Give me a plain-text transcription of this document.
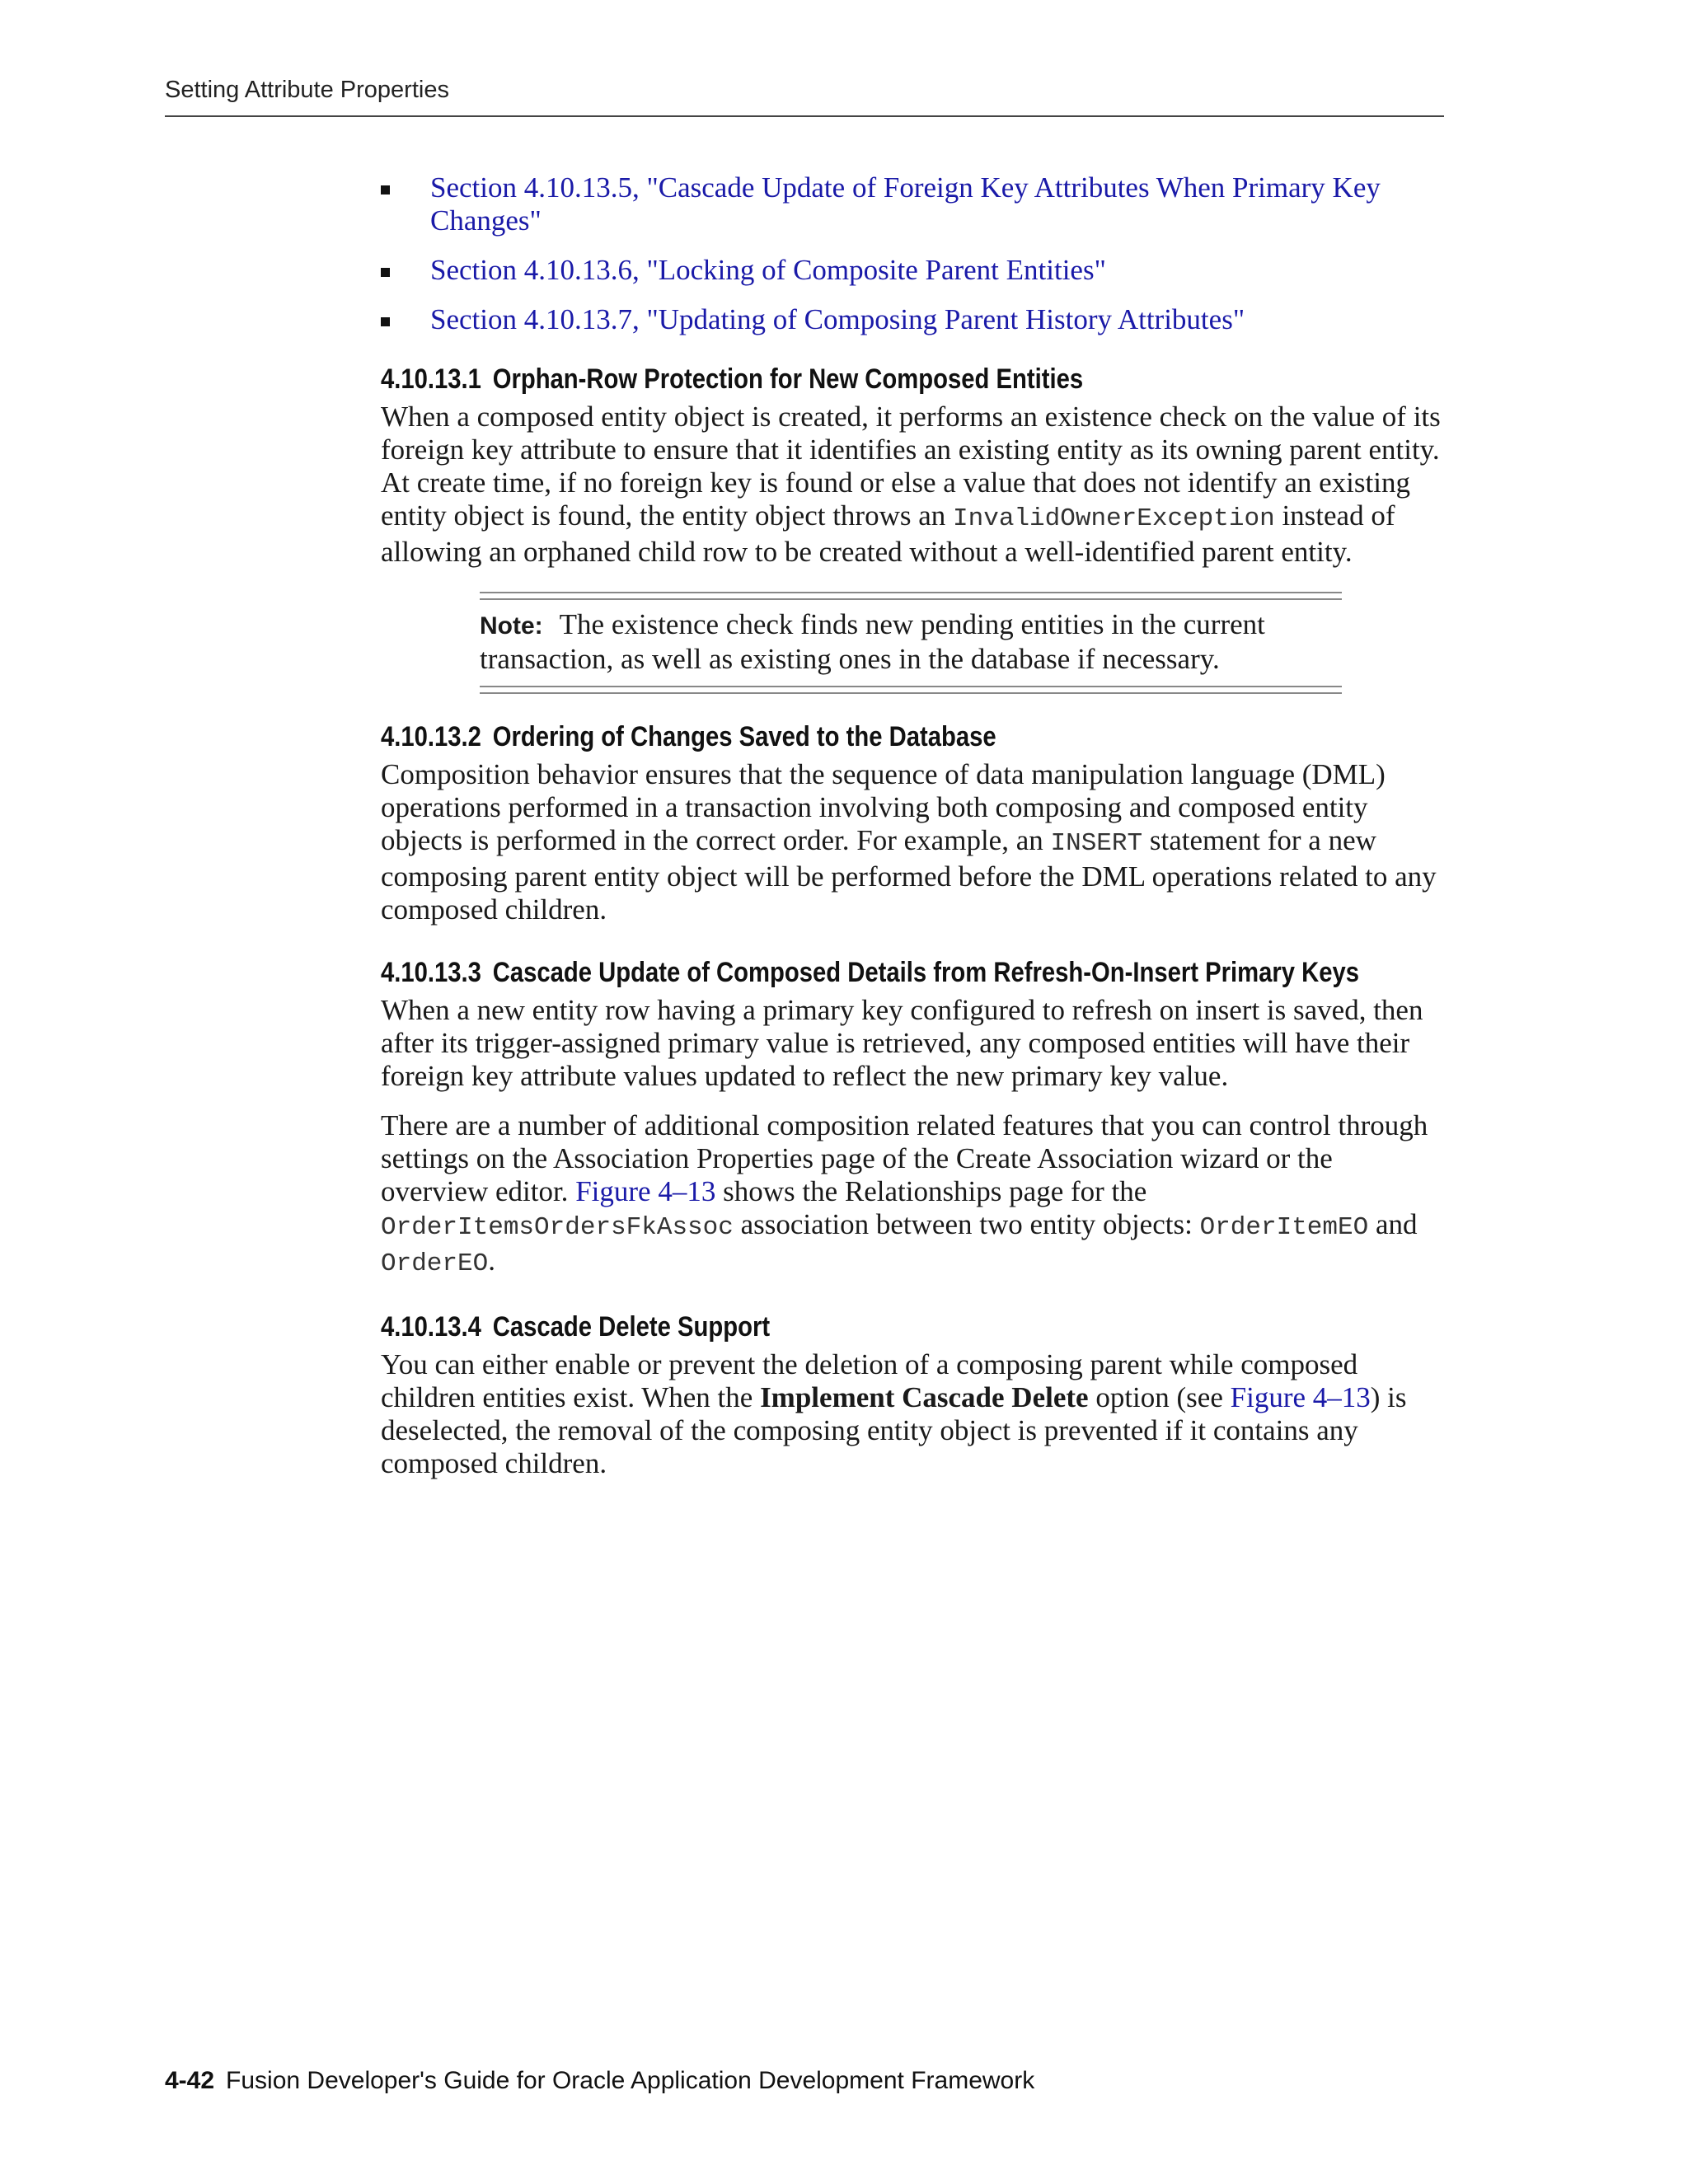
Setting Attribute Properties
Section 4.10.13.5, "Cascade Update of Foreign Key Attributes When Primary Key Changes"
Section 4.10.13.6, "Locking of Composite Parent Entities"
Section 4.10.13.7, "Updating of Composing Parent History Attributes"
4.10.13.1 Orphan-Row Protection for New Composed Entities

When a composed entity object is created, it performs an existence check on the value of its foreign key attribute to ensure that it identifies an existing entity as its owning parent entity. At create time, if no foreign key is found or else a value that does not identify an existing entity object is found, the entity object throws an InvalidOwnerException instead of allowing an orphaned child row to be created without a well-identified parent entity.

Note: The existence check finds new pending entities in the current transaction, as well as existing ones in the database if necessary.
4.10.13.2 Ordering of Changes Saved to the Database

Composition behavior ensures that the sequence of data manipulation language (DML) operations performed in a transaction involving both composing and composed entity objects is performed in the correct order. For example, an INSERT statement for a new composing parent entity object will be performed before the DML operations related to any composed children.

4.10.13.3 Cascade Update of Composed Details from Refresh-On-Insert Primary Keys

When a new entity row having a primary key configured to refresh on insert is saved, then after its trigger-assigned primary value is retrieved, any composed entities will have their foreign key attribute values updated to reflect the new primary key value.

There are a number of additional composition related features that you can control through settings on the Association Properties page of the Create Association wizard or the overview editor. Figure 4–13 shows the Relationships page for the OrderItemsOrdersFkAssoc association between two entity objects: OrderItemEO and OrderEO.

4.10.13.4 Cascade Delete Support

You can either enable or prevent the deletion of a composing parent while composed children entities exist. When the Implement Cascade Delete option (see Figure 4–13) is deselected, the removal of the composing entity object is prevented if it contains any composed children.

4-42 Fusion Developer's Guide for Oracle Application Development Framework
